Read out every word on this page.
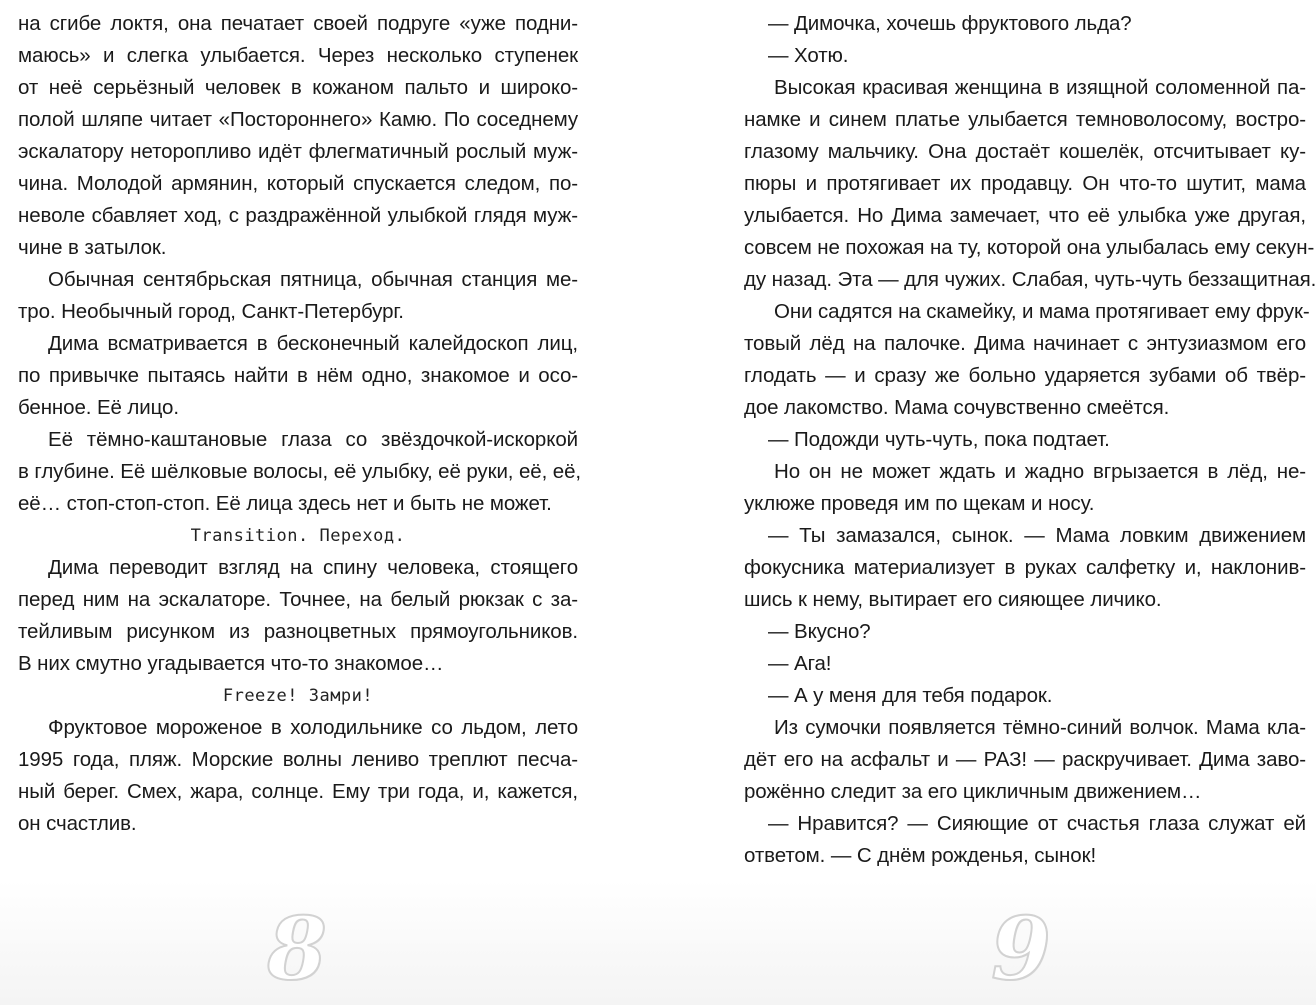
на сгибе локтя, она печатает своей подруге «уже подни-
маюсь» и слегка улыбается. Через несколько ступенек
от неё серьёзный человек в кожаном пальто и широко-
полой шляпе читает «Постороннего» Камю. По соседнему
эскалатору неторопливо идёт флегматичный рослый муж-
чина. Молодой армянин, который спускается следом, по-
неволе сбавляет ход, с раздражённой улыбкой глядя муж-
чине в затылок.
Обычная сентябрьская пятница, обычная станция ме-
тро. Необычный город, Санкт-Петербург.
Дима всматривается в бесконечный калейдоскоп лиц,
по привычке пытаясь найти в нём одно, знакомое и осо-
бенное. Её лицо.
Её тёмно-каштановые глаза со звёздочкой-искоркой
в глубине. Её шёлковые волосы, её улыбку, её руки, её, её,
её… стоп-стоп-стоп. Её лица здесь нет и быть не может.
Transition. Переход.
Дима переводит взгляд на спину человека, стоящего
перед ним на эскалаторе. Точнее, на белый рюкзак с за-
тейливым рисунком из разноцветных прямоугольников.
В них смутно угадывается что-то знакомое…
Freeze! Замри!
Фруктовое мороженое в холодильнике со льдом, лето
1995 года, пляж. Морские волны лениво треплют песча-
ный берег. Смех, жара, солнце. Ему три года, и, кажется,
он счастлив.
8
— Димочка, хочешь фруктового льда?
— Хотю.
Высокая красивая женщина в изящной соломенной па-
намке и синем платье улыбается темноволосому, востро-
глазому мальчику. Она достаёт кошелёк, отсчитывает ку-
пюры и протягивает их продавцу. Он что-то шутит, мама
улыбается. Но Дима замечает, что её улыбка уже другая,
совсем не похожая на ту, которой она улыбалась ему секун-
ду назад. Эта — для чужих. Слабая, чуть-чуть беззащитная.
Они садятся на скамейку, и мама протягивает ему фрук-
товый лёд на палочке. Дима начинает с энтузиазмом его
глодать — и сразу же больно ударяется зубами об твёр-
дое лакомство. Мама сочувственно смеётся.
— Подожди чуть-чуть, пока подтает.
Но он не может ждать и жадно вгрызается в лёд, не-
уклюже проведя им по щекам и носу.
— Ты замазался, сынок. — Мама ловким движением
фокусника материализует в руках салфетку и, наклонив-
шись к нему, вытирает его сияющее личико.
— Вкусно?
— Ага!
— А у меня для тебя подарок.
Из сумочки появляется тёмно-синий волчок. Мама кла-
дёт его на асфальт и — РАЗ! — раскручивает. Дима заво-
рожённо следит за его цикличным движением…
— Нравится? — Сияющие от счастья глаза служат ей
ответом. — С днём рожденья, сынок!
9
